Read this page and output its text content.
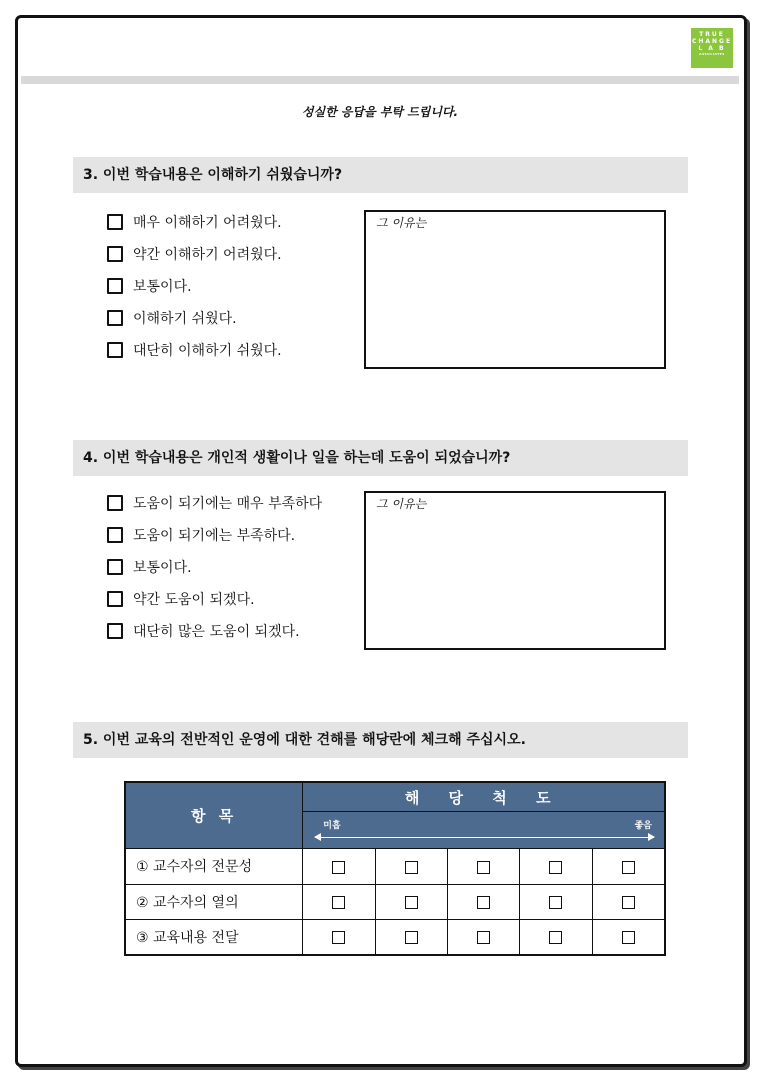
TRUE
CHANGE
L A B
ASSOCIATES
성실한 응답을 부탁 드립니다.
3. 이번 학습내용은 이해하기 쉬웠습니까?
매우 이해하기 어려웠다.
약간 이해하기 어려웠다.
보통이다.
이해하기 쉬웠다.
대단히 이해하기 쉬웠다.
그 이유는
4. 이번 학습내용은 개인적 생활이나 일을 하는데 도움이 되었습니까?
도움이 되기에는 매우 부족하다
도움이 되기에는 부족하다.
보통이다.
약간 도움이 되겠다.
대단히 많은 도움이 되겠다.
그 이유는
5. 이번 교육의 전반적인 운영에 대한 견해를 해당란에 체크해 주십시오.
항 목	해 당 척 도				

	미흡 좋음				

① 교수자의 전문성					
② 교수자의 열의					
③ 교육내용 전달					
